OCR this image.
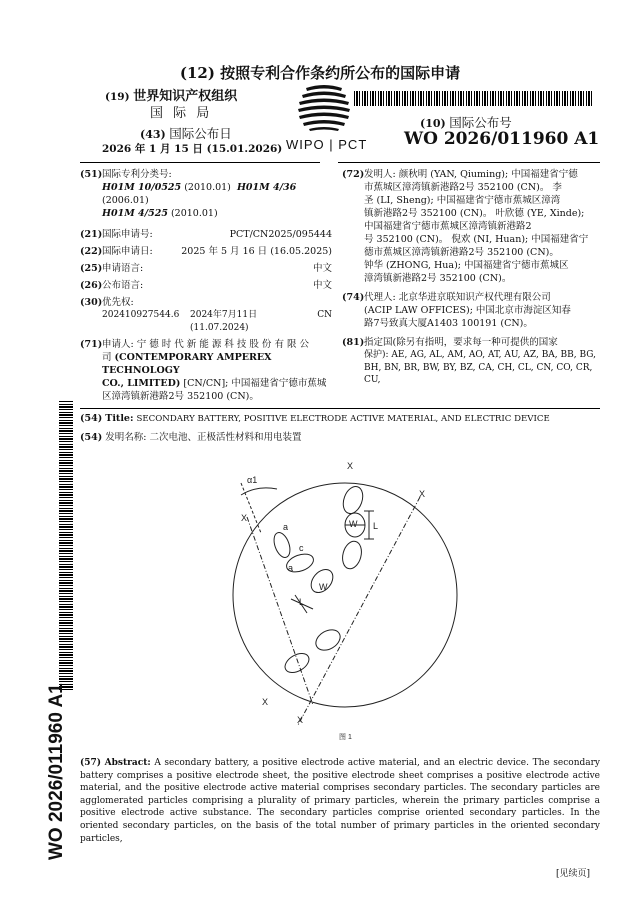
(12) 按照专利合作条约所公布的国际申请
(19) 世界知识产权组织
国 际 局
(43) 国际公布日
2026 年 1 月 15 日 (15.01.2026) WIPO | PCT
(10) 国际公布号
WO 2026/011960 A1
(51) 国际专利分类号:
H01M 10/0525 (2010.01) H01M 4/36 (2006.01)
H01M 4/525 (2010.01)
(21) 国际申请号:	PCT/CN2025/095444
(22) 国际申请日:	2025 年 5 月 16 日 (16.05.2025)
(25) 申请语言:	中文
(26) 公布语言:	中文
(30) 优先权:
202410927544.6	2024年7月11日 (11.07.2024)
CN
(71) 申请人: 宁 德 时 代 新 能 源 科 技 股 份 有 限 公
司 (CONTEMPORARY AMPEREX TECHNOLOGY
CO., LIMITED) [CN/CN]; 中国福建省宁德市蕉城
区漳湾镇新港路2号 352100 (CN)。
(72) 发明人: 颜秋明 (YAN, Qiuming); 中国福建省宁德
市蕉城区漳湾镇新港路2号 352100 (CN)。 李
圣 (LI, Sheng); 中国福建省宁德市蕉城区漳湾
镇新港路2号 352100 (CN)。 叶欣德 (YE, Xinde);
中国福建省宁德市蕉城区漳湾镇新港路2
号 352100 (CN)。 倪欢 (NI, Huan); 中国福建省宁
德市蕉城区漳湾镇新港路2号 352100 (CN)。
钟华 (ZHONG, Hua); 中国福建省宁德市蕉城区
漳湾镇新港路2号 352100 (CN)。
(74) 代理人: 北京华进京联知识产权代理有限公司
(ACIP LAW OFFICES); 中国北京市海淀区知春
路7号致真大厦A1403 100191 (CN)。
(81) 指定国(除另有指明，要求每一种可提供的国家
保护): AE, AG, AL, AM, AO, AT, AU, AZ, BA, BB, BG,
BH, BN, BR, BW, BY, BZ, CA, CH, CL, CN, CO, CR, CU,
WO 2026/011960 A1
(54) Title: SECONDARY BATTERY, POSITIVE ELECTRODE ACTIVE MATERIAL, AND ELECTRIC DEVICE
(54) 发明名称: 二次电池、正极活性材料和用电装置
α1
X
X
X
X
X
a
a
c
W
W
L
L
图 1
(57) Abstract: A secondary battery, a positive electrode active material, and an electric device. The secondary battery comprises a positive electrode sheet, the positive electrode sheet comprises a positive electrode active material, and the positive electrode active material comprises secondary particles. The secondary particles are agglomerated particles comprising a plurality of primary particles, wherein the primary particles comprise a positive electrode active substance. The secondary particles comprise oriented secondary particles. In the oriented secondary particles, on the basis of the total number of primary particles in the oriented secondary particles,
[见续页]
